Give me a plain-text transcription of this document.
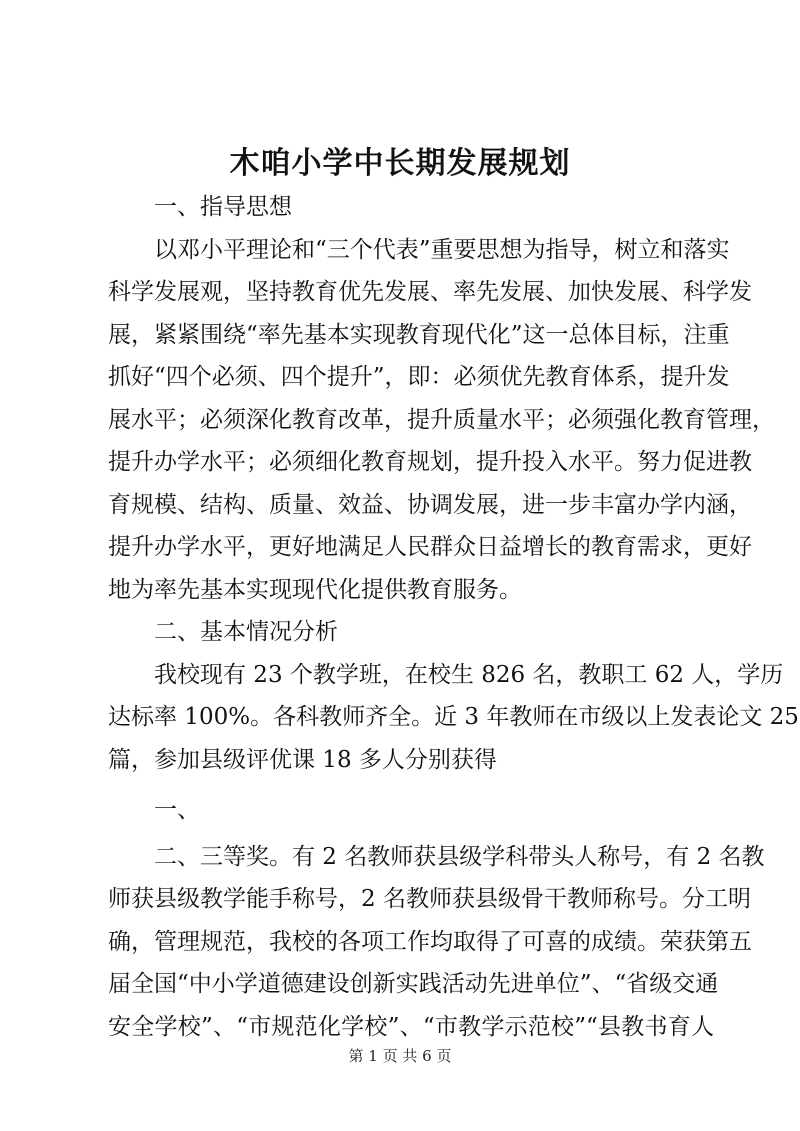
木咱小学中长期发展规划

一、指导思想

以邓小平理论和“三个代表”重要思想为指导，树立和落实
科学发展观，坚持教育优先发展、率先发展、加快发展、科学发
展，紧紧围绕“率先基本实现教育现代化”这一总体目标，注重
抓好“四个必须、四个提升”，即：必须优先教育体系，提升发
展水平；必须深化教育改革，提升质量水平；必须强化教育管理，
提升办学水平；必须细化教育规划，提升投入水平。努力促进教
育规模、结构、质量、效益、协调发展，进一步丰富办学内涵，
提升办学水平，更好地满足人民群众日益增长的教育需求，更好
地为率先基本实现现代化提供教育服务。

二、基本情况分析

我校现有 23 个教学班，在校生 826 名，教职工 62 人，学历
达标率 100%。各科教师齐全。近 3 年教师在市级以上发表论文 25
篇，参加县级评优课 18 多人分别获得

一、

二、三等奖。有 2 名教师获县级学科带头人称号，有 2 名教
师获县级教学能手称号，2 名教师获县级骨干教师称号。分工明
确，管理规范，我校的各项工作均取得了可喜的成绩。荣获第五
届全国“中小学道德建设创新实践活动先进单位”、“省级交通
安全学校”、“市规范化学校”、“市教学示范校”“县教书育人

第 1 页 共 6 页
